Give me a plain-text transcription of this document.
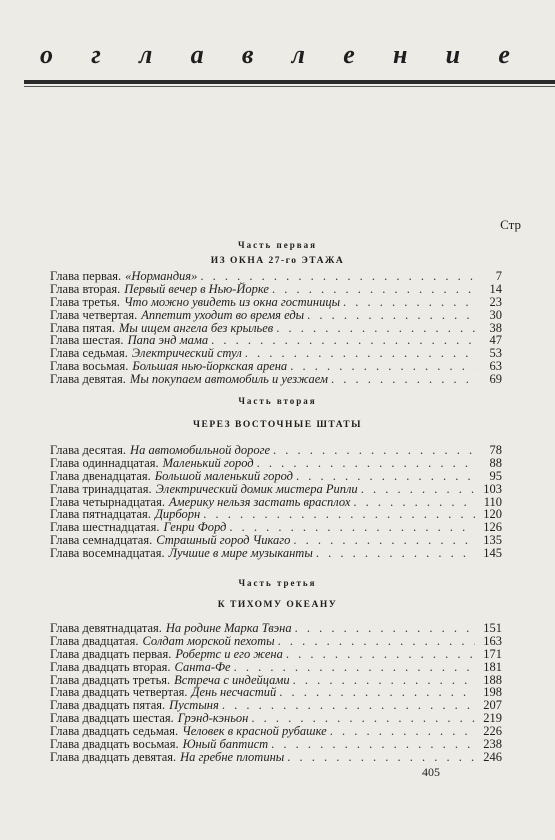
о г л а в л е н и е
Стр
Часть первая
ИЗ ОКНА 27-го ЭТАЖА
Глава первая. «Нормандия» . . .	7
Глава вторая. Первый вечер в Нью-Йорке . . .	14
Глава третья. Что можно увидеть из окна гостиницы . . .	23
Глава четвертая. Аппетит уходит во время еды . . .	30
Глава пятая. Мы ищем ангела без крыльев . . .	38
Глава шестая. Папа энд мама . . .	47
Глава седьмая. Электрический стул . . .	53
Глава восьмая. Большая нью-йоркская арена . . .	63
Глава девятая. Мы покупаем автомобиль и уезжаем . . .	69
Часть вторая
ЧЕРЕЗ ВОСТОЧНЫЕ ШТАТЫ
Глава десятая. На автомобильной дороге . . .	78
Глава одиннадцатая. Маленький город . . .	88
Глава двенадцатая. Большой маленький город . . .	95
Глава тринадцатая. Электрический домик мистера Рипли . . .	103
Глава четырнадцатая. Америку нельзя застать врасплох . . .	110
Глава пятнадцатая. Дирборн . . .	120
Глава шестнадцатая. Генри Форд . . .	126
Глава семнадцатая. Страшный город Чикаго . . .	135
Глава восемнадцатая. Лучшие в мире музыканты . . .	145
Часть третья
К ТИХОМУ ОКЕАНУ
Глава девятнадцатая. На родине Марка Твэна . . .	151
Глава двадцатая. Солдат морской пехоты . . .	163
Глава двадцать первая. Робертс и его жена . . .	171
Глава двадцать вторая. Санта-Фе . . .	181
Глава двадцать третья. Встреча с индейцами . . .	188
Глава двадцать четвертая. День несчастий . . .	198
Глава двадцать пятая. Пустыня . . .	207
Глава двадцать шестая. Грэнд-кэньон . . .	219
Глава двадцать седьмая. Человек в красной рубашке . . .	226
Глава двадцать восьмая. Юный баптист . . .	238
Глава двадцать девятая. На гребне плотины . . .	246
405
